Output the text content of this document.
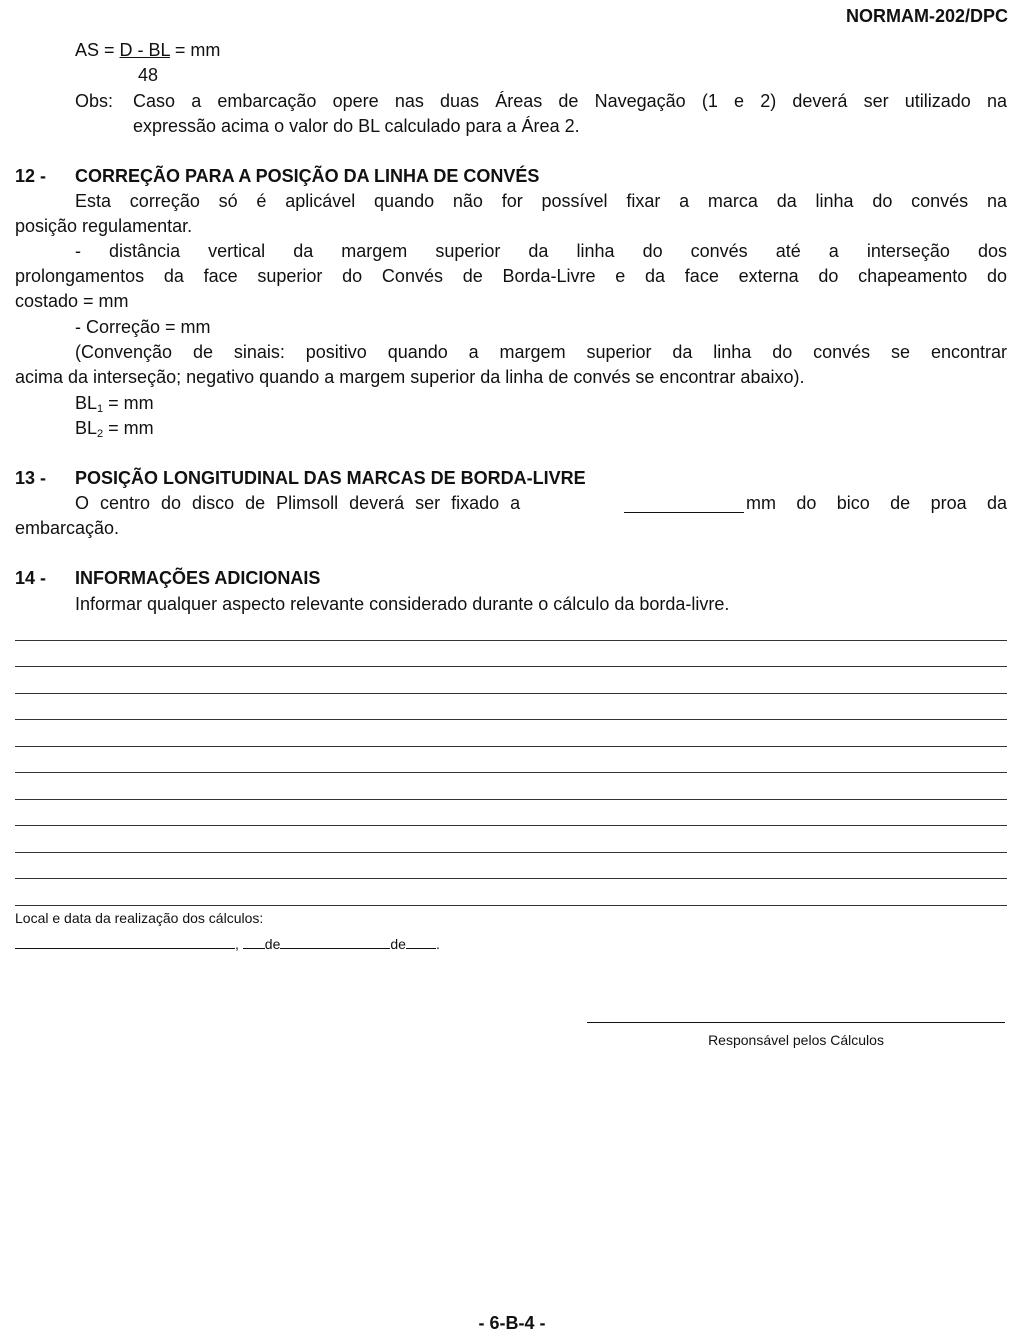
NORMAM-202/DPC
AS = D - BL = mm
48
Obs: Caso a embarcação opere nas duas Áreas de Navegação (1 e 2) deverá ser utilizado na
expressão acima o valor do BL calculado para a Área 2.
12 - CORREÇÃO PARA A POSIÇÃO DA LINHA DE CONVÉS
Esta correção só é aplicável quando não for possível fixar a marca da linha do convés na
posição regulamentar.
- distância vertical da margem superior da linha do convés até a interseção dos
prolongamentos da face superior do Convés de Borda-Livre e da face externa do chapeamento do
costado = mm
- Correção = mm
(Convenção de sinais: positivo quando a margem superior da linha do convés se encontrar
acima da interseção; negativo quando a margem superior da linha de convés se encontrar abaixo).
$BL_1$ = mm
$BL_2$ = mm
13 - POSIÇÃO LONGITUDINAL DAS MARCAS DE BORDA-LIVRE
O centro do disco de Plimsoll deverá ser fixado a	mm do bico de proa da
embarcação.
14 - INFORMAÇÕES ADICIONAIS
Informar qualquer aspecto relevante considerado durante o cálculo da borda-livre.
Local e data da realização dos cálculos:
, de	de .
Responsável pelos Cálculos
- 6-B-4 -
